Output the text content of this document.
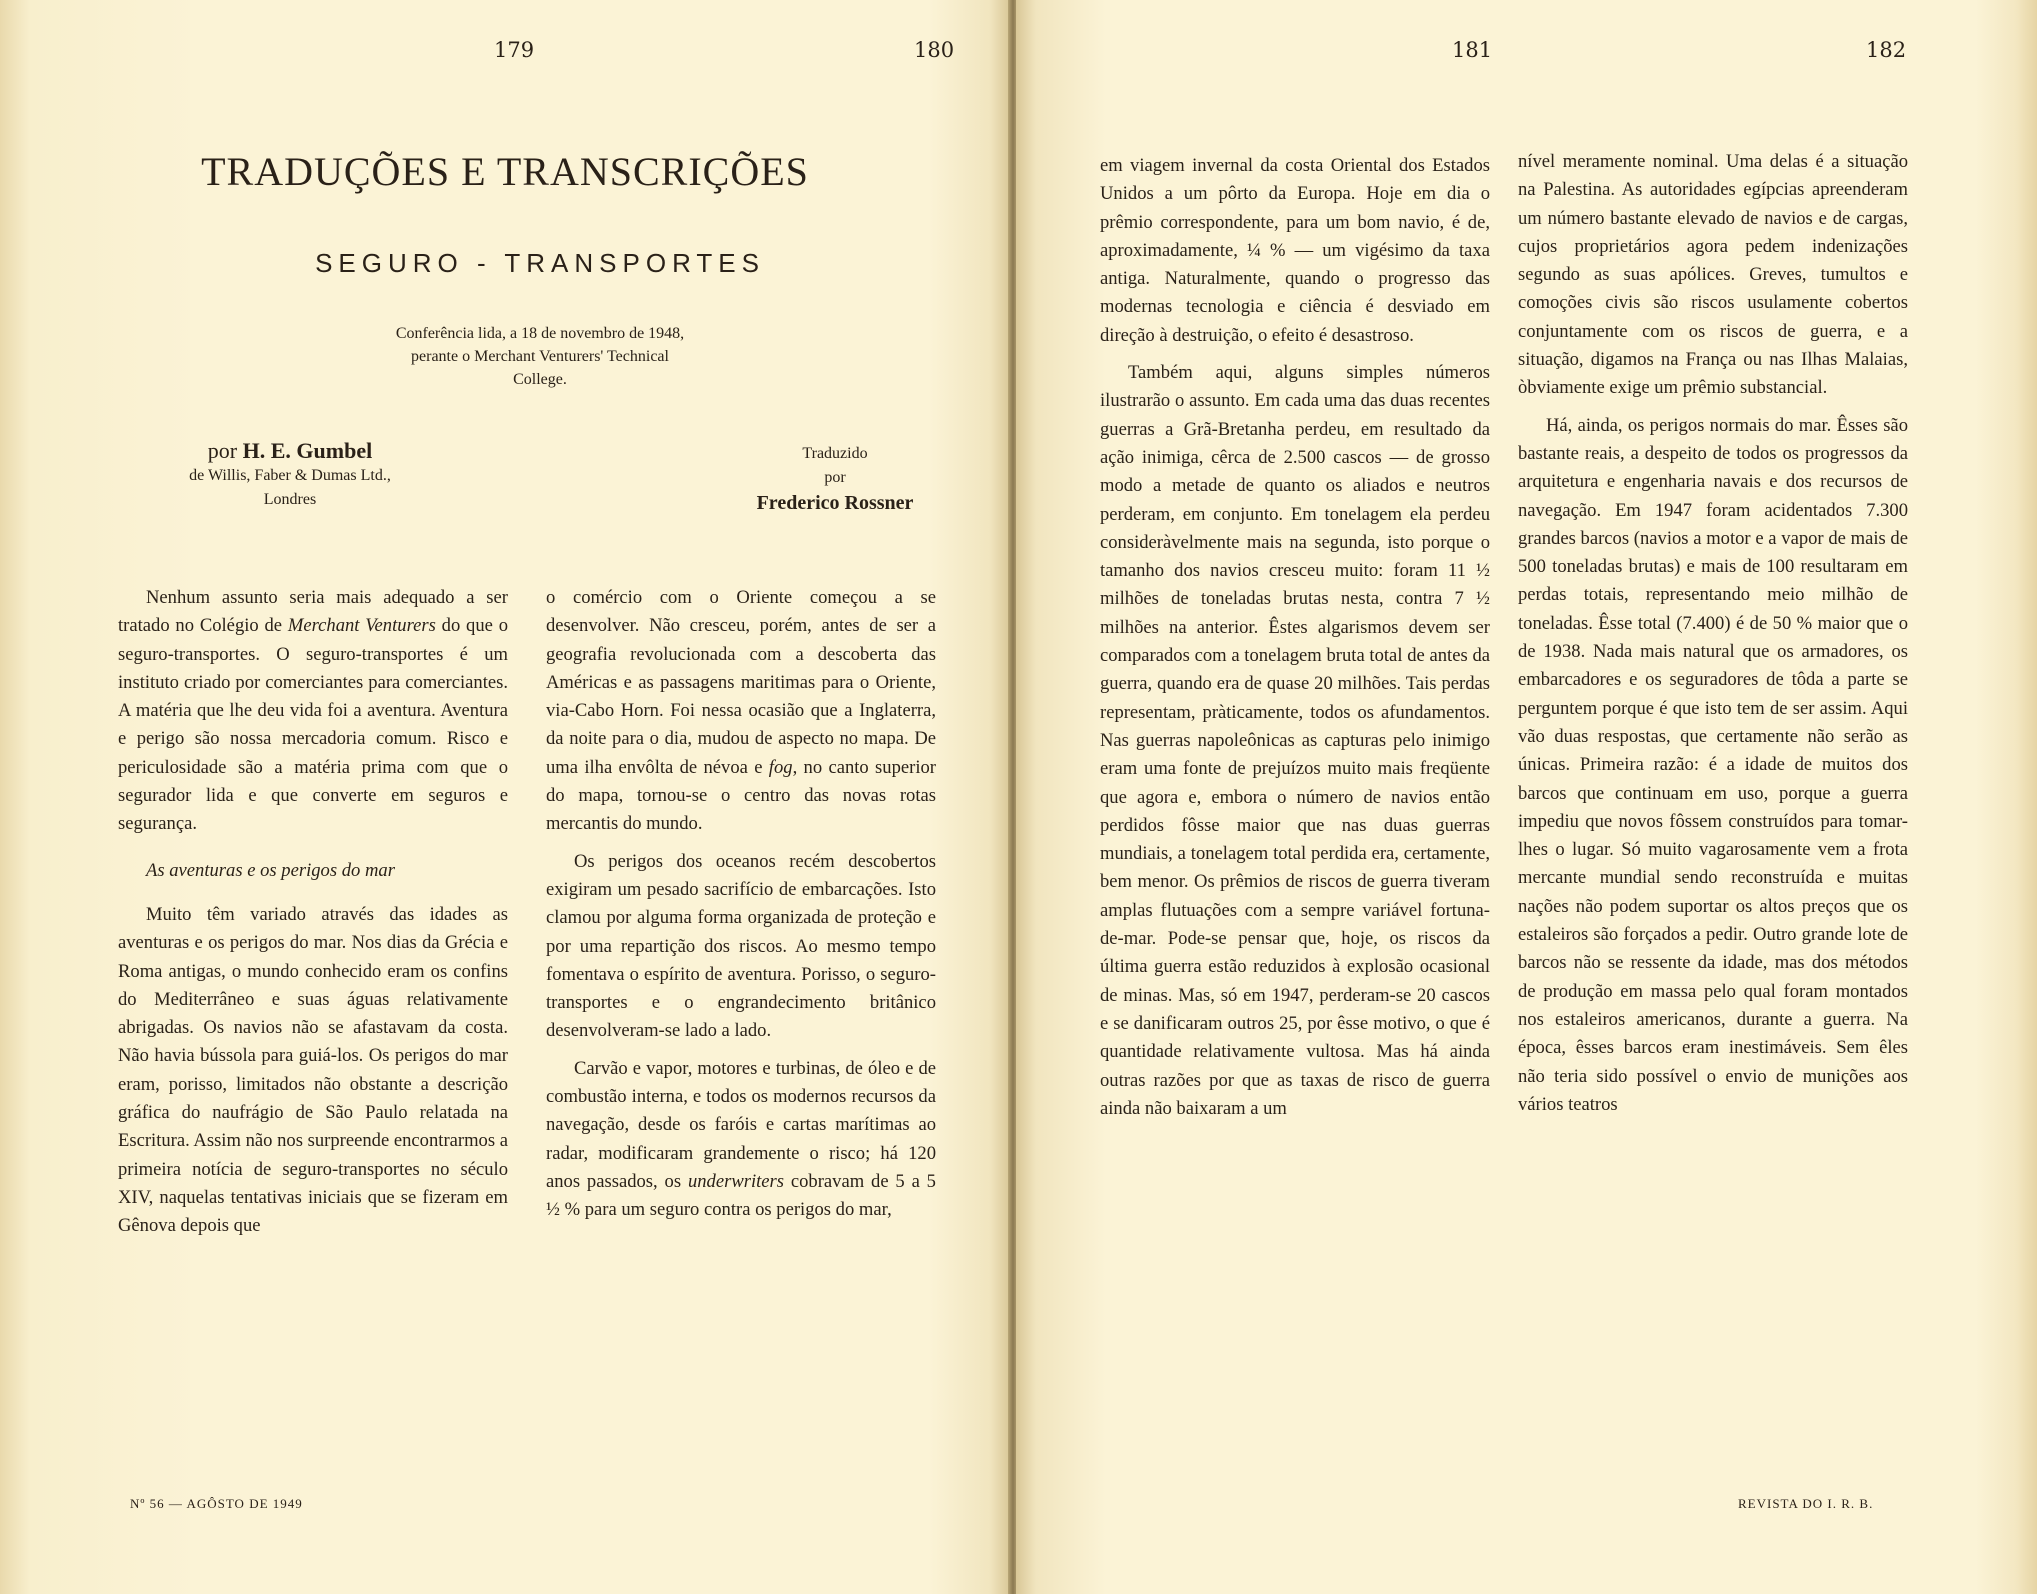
179	180
TRADUÇÕES E TRANSCRIÇÕES
SEGURO - TRANSPORTES
Conferência lida, a 18 de novembro de 1948,
perante o Merchant Venturers' Technical
College.
por H. E. Gumbel
de Willis, Faber & Dumas Ltd.,
Londres
Traduzido
por
Frederico Rossner

Nenhum assunto seria mais adequado a ser tratado no Colégio de Merchant Venturers do que o seguro-transportes. O seguro-transportes é um instituto criado por comerciantes para comerciantes. A matéria que lhe deu vida foi a aventura. Aventura e perigo são nossa mercadoria comum. Risco e periculosidade são a matéria prima com que o segurador lida e que converte em seguros e segurança.

As aventuras e os perigos do mar

Muito têm variado através das idades as aventuras e os perigos do mar. Nos dias da Grécia e Roma antigas, o mundo conhecido eram os confins do Mediterrâneo e suas águas relativamente abrigadas. Os navios não se afastavam da costa. Não havia bússola para guiá-los. Os perigos do mar eram, porisso, limitados não obstante a descrição gráfica do naufrágio de São Paulo relatada na Escritura. Assim não nos surpreende encontrarmos a primeira notícia de seguro-transportes no século XIV, naquelas tentativas iniciais que se fizeram em Gênova depois que

o comércio com o Oriente começou a se desenvolver. Não cresceu, porém, antes de ser a geografia revolucionada com a descoberta das Américas e as passagens maritimas para o Oriente, via-Cabo Horn. Foi nessa ocasião que a Inglaterra, da noite para o dia, mudou de aspecto no mapa. De uma ilha envôlta de névoa e fog, no canto superior do mapa, tornou-se o centro das novas rotas mercantis do mundo.

Os perigos dos oceanos recém descobertos exigiram um pesado sacrifício de embarcações. Isto clamou por alguma forma organizada de proteção e por uma repartição dos riscos. Ao mesmo tempo fomentava o espírito de aventura. Porisso, o seguro-transportes e o engrandecimento britânico desenvolveram-se lado a lado.

Carvão e vapor, motores e turbinas, de óleo e de combustão interna, e todos os modernos recursos da navegação, desde os faróis e cartas marítimas ao radar, modificaram grandemente o risco; há 120 anos passados, os underwriters cobravam de 5 a 5 ½ % para um seguro contra os perigos do mar,

Nº 56 — AGÔSTO DE 1949
181	182

em viagem invernal da costa Oriental dos Estados Unidos a um pôrto da Europa. Hoje em dia o prêmio correspondente, para um bom navio, é de, aproximadamente, ¼ % — um vigésimo da taxa antiga. Naturalmente, quando o progresso das modernas tecnologia e ciência é desviado em direção à destruição, o efeito é desastroso.

Também aqui, alguns simples números ilustrarão o assunto. Em cada uma das duas recentes guerras a Grã-Bretanha perdeu, em resultado da ação inimiga, cêrca de 2.500 cascos — de grosso modo a metade de quanto os aliados e neutros perderam, em conjunto. Em tonelagem ela perdeu consideràvelmente mais na segunda, isto porque o tamanho dos navios cresceu muito: foram 11 ½ milhões de toneladas brutas nesta, contra 7 ½ milhões na anterior. Êstes algarismos devem ser comparados com a tonelagem bruta total de antes da guerra, quando era de quase 20 milhões. Tais perdas representam, pràticamente, todos os afundamentos. Nas guerras napoleônicas as capturas pelo inimigo eram uma fonte de prejuízos muito mais freqüente que agora e, embora o número de navios então perdidos fôsse maior que nas duas guerras mundiais, a tonelagem total perdida era, certamente, bem menor. Os prêmios de riscos de guerra tiveram amplas flutuações com a sempre variável fortuna-de-mar. Pode-se pensar que, hoje, os riscos da última guerra estão reduzidos à explosão ocasional de minas. Mas, só em 1947, perderam-se 20 cascos e se danificaram outros 25, por êsse motivo, o que é quantidade relativamente vultosa. Mas há ainda outras razões por que as taxas de risco de guerra ainda não baixaram a um

nível meramente nominal. Uma delas é a situação na Palestina. As autoridades egípcias apreenderam um número bastante elevado de navios e de cargas, cujos proprietários agora pedem indenizações segundo as suas apólices. Greves, tumultos e comoções civis são riscos usulamente cobertos conjuntamente com os riscos de guerra, e a situação, digamos na França ou nas Ilhas Malaias, òbviamente exige um prêmio substancial.

Há, ainda, os perigos normais do mar. Êsses são bastante reais, a despeito de todos os progressos da arquitetura e engenharia navais e dos recursos de navegação. Em 1947 foram acidentados 7.300 grandes barcos (navios a motor e a vapor de mais de 500 toneladas brutas) e mais de 100 resultaram em perdas totais, representando meio milhão de toneladas. Êsse total (7.400) é de 50 % maior que o de 1938. Nada mais natural que os armadores, os embarcadores e os seguradores de tôda a parte se perguntem porque é que isto tem de ser assim. Aqui vão duas respostas, que certamente não serão as únicas. Primeira razão: é a idade de muitos dos barcos que continuam em uso, porque a guerra impediu que novos fôssem construídos para tomar-lhes o lugar. Só muito vagarosamente vem a frota mercante mundial sendo reconstruída e muitas nações não podem suportar os altos preços que os estaleiros são forçados a pedir. Outro grande lote de barcos não se ressente da idade, mas dos métodos de produção em massa pelo qual foram montados nos estaleiros americanos, durante a guerra. Na época, êsses barcos eram inestimáveis. Sem êles não teria sido possível o envio de munições aos vários teatros

REVISTA DO I. R. B.
